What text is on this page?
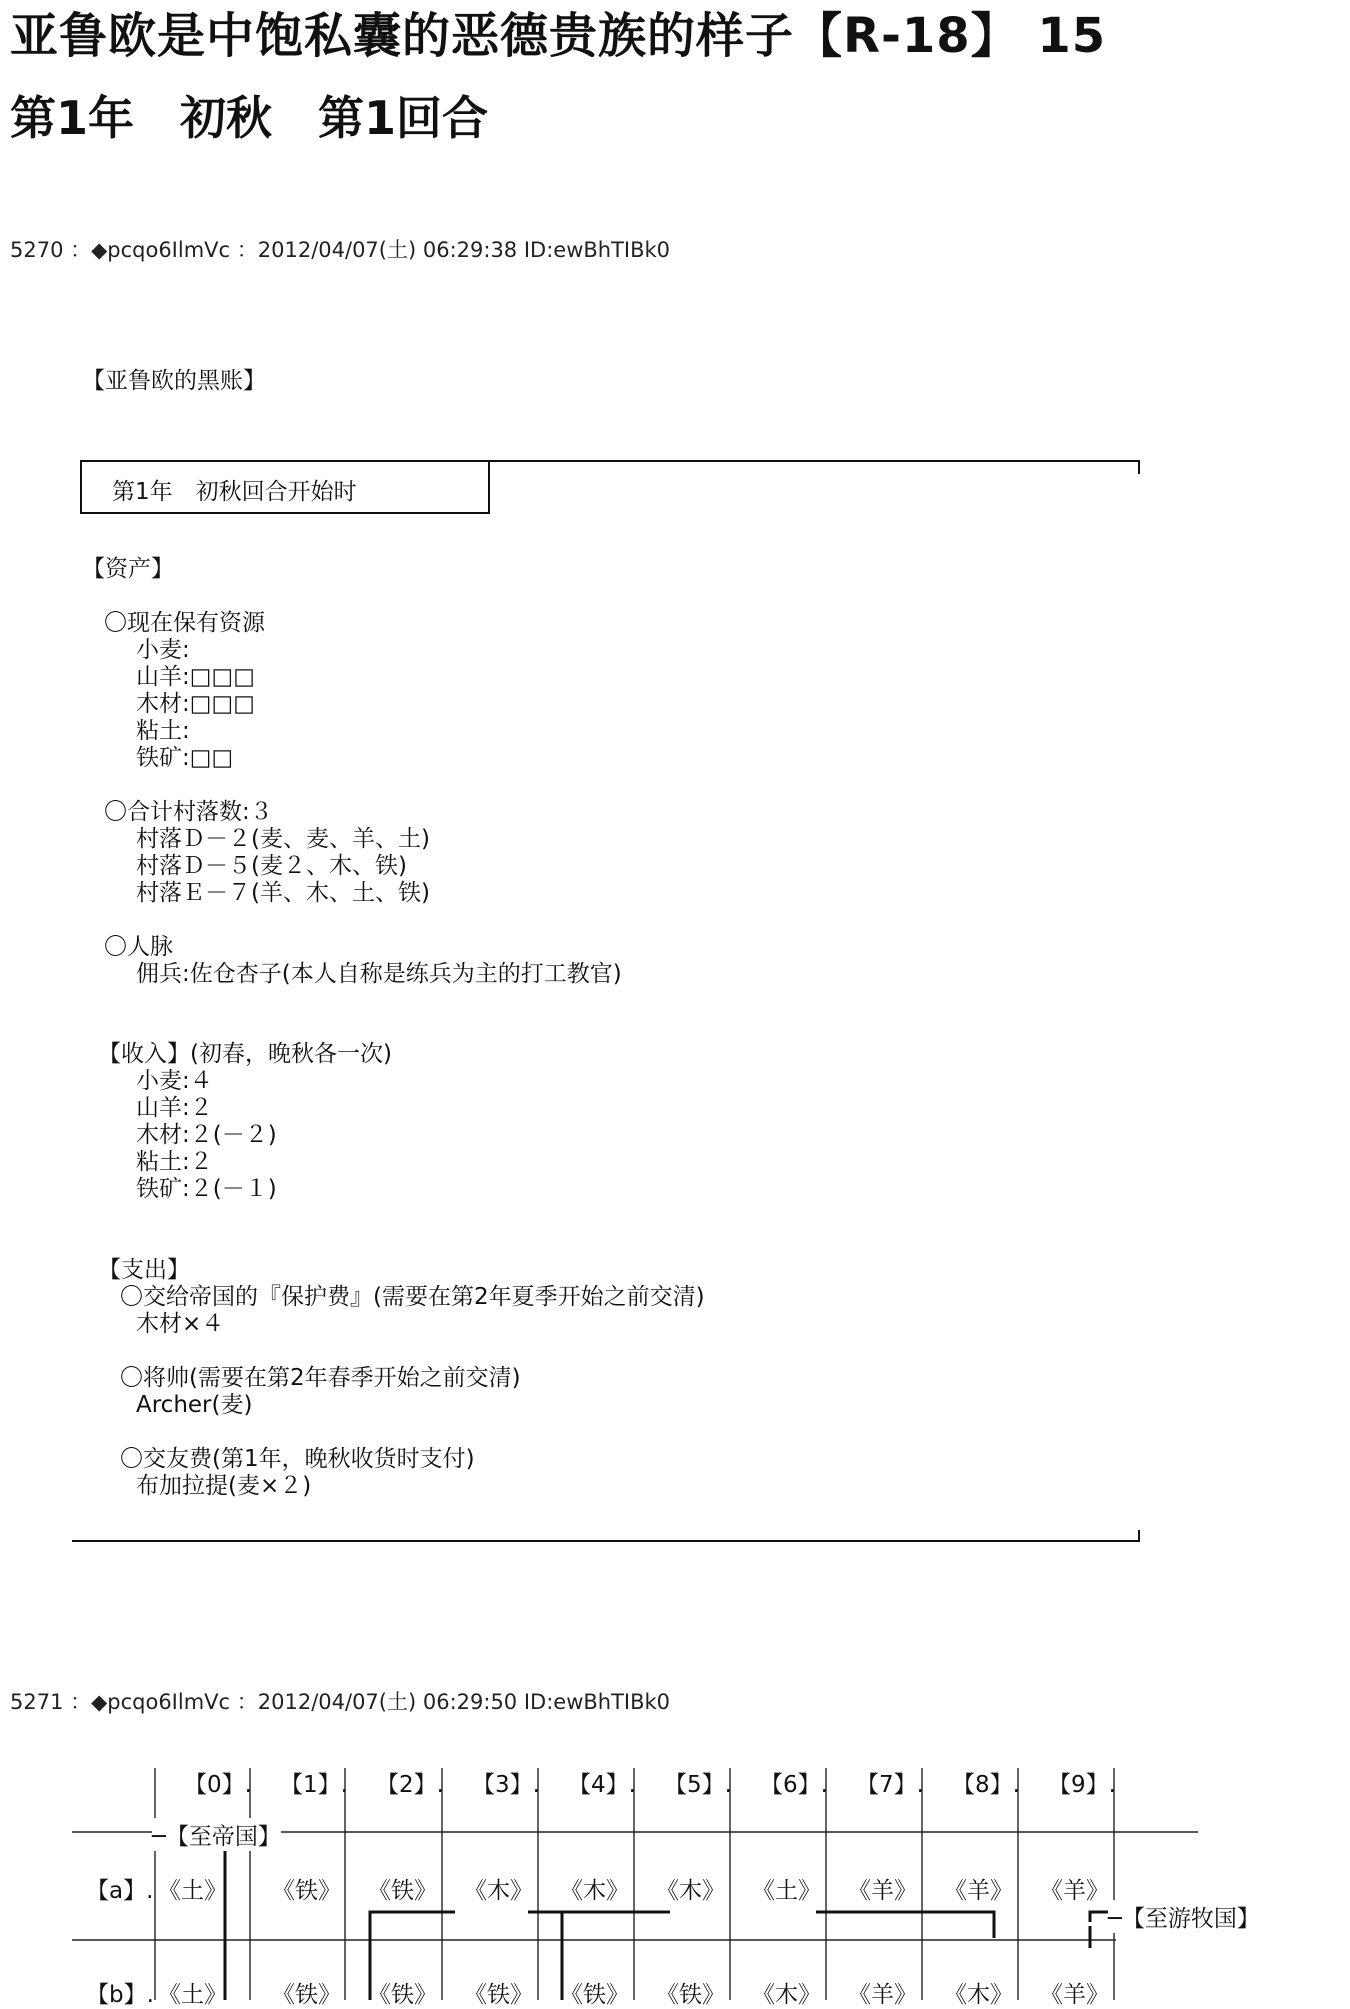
亚鲁欧是中饱私囊的恶德贵族的样子【R-18】 15
第1年　初秋　第1回合
5270 ：◆pcqo6IlmVc ：2012/04/07(土) 06:29:38 ID:ewBhTIBk0
【亚鲁欧的黑账】
第1年　初秋回合开始时
【资产】
〇现在保有资源
小麦:
山羊:□□□
木材:□□□
粘土:
铁矿:□□
〇合计村落数:３
村落Ｄ－２(麦、麦、羊、土)
村落Ｄ－５(麦２、木、铁)
村落Ｅ－７(羊、木、土、铁)
〇人脉
佣兵:佐仓杏子(本人自称是练兵为主的打工教官)
【收入】(初春，晚秋各一次)
小麦:４
山羊:２
木材:２(－２)
粘土:２
铁矿:２(－１)
【支出】
〇交给帝国的『保护费』(需要在第2年夏季开始之前交清)
木材×４
〇将帅(需要在第2年春季开始之前交清)
Archer(麦)
〇交友费(第1年，晚秋收货时支付)
布加拉提(麦×２)
5271 ：◆pcqo6IlmVc ：2012/04/07(土) 06:29:50 ID:ewBhTIBk0
【0】. 【1】. 【2】. 【3】. 【4】. 【5】. 【6】. 【7】. 【8】. 【9】.
─【至帝国】
─【至游牧国】
【a】. 《土》 《铁》 《铁》 《木》 《木》 《木》 《土》 《羊》 《羊》 《羊》
【b】. 《土》 《铁》 《铁》 《铁》 《铁》 《铁》 《木》 《羊》 《木》 《羊》
